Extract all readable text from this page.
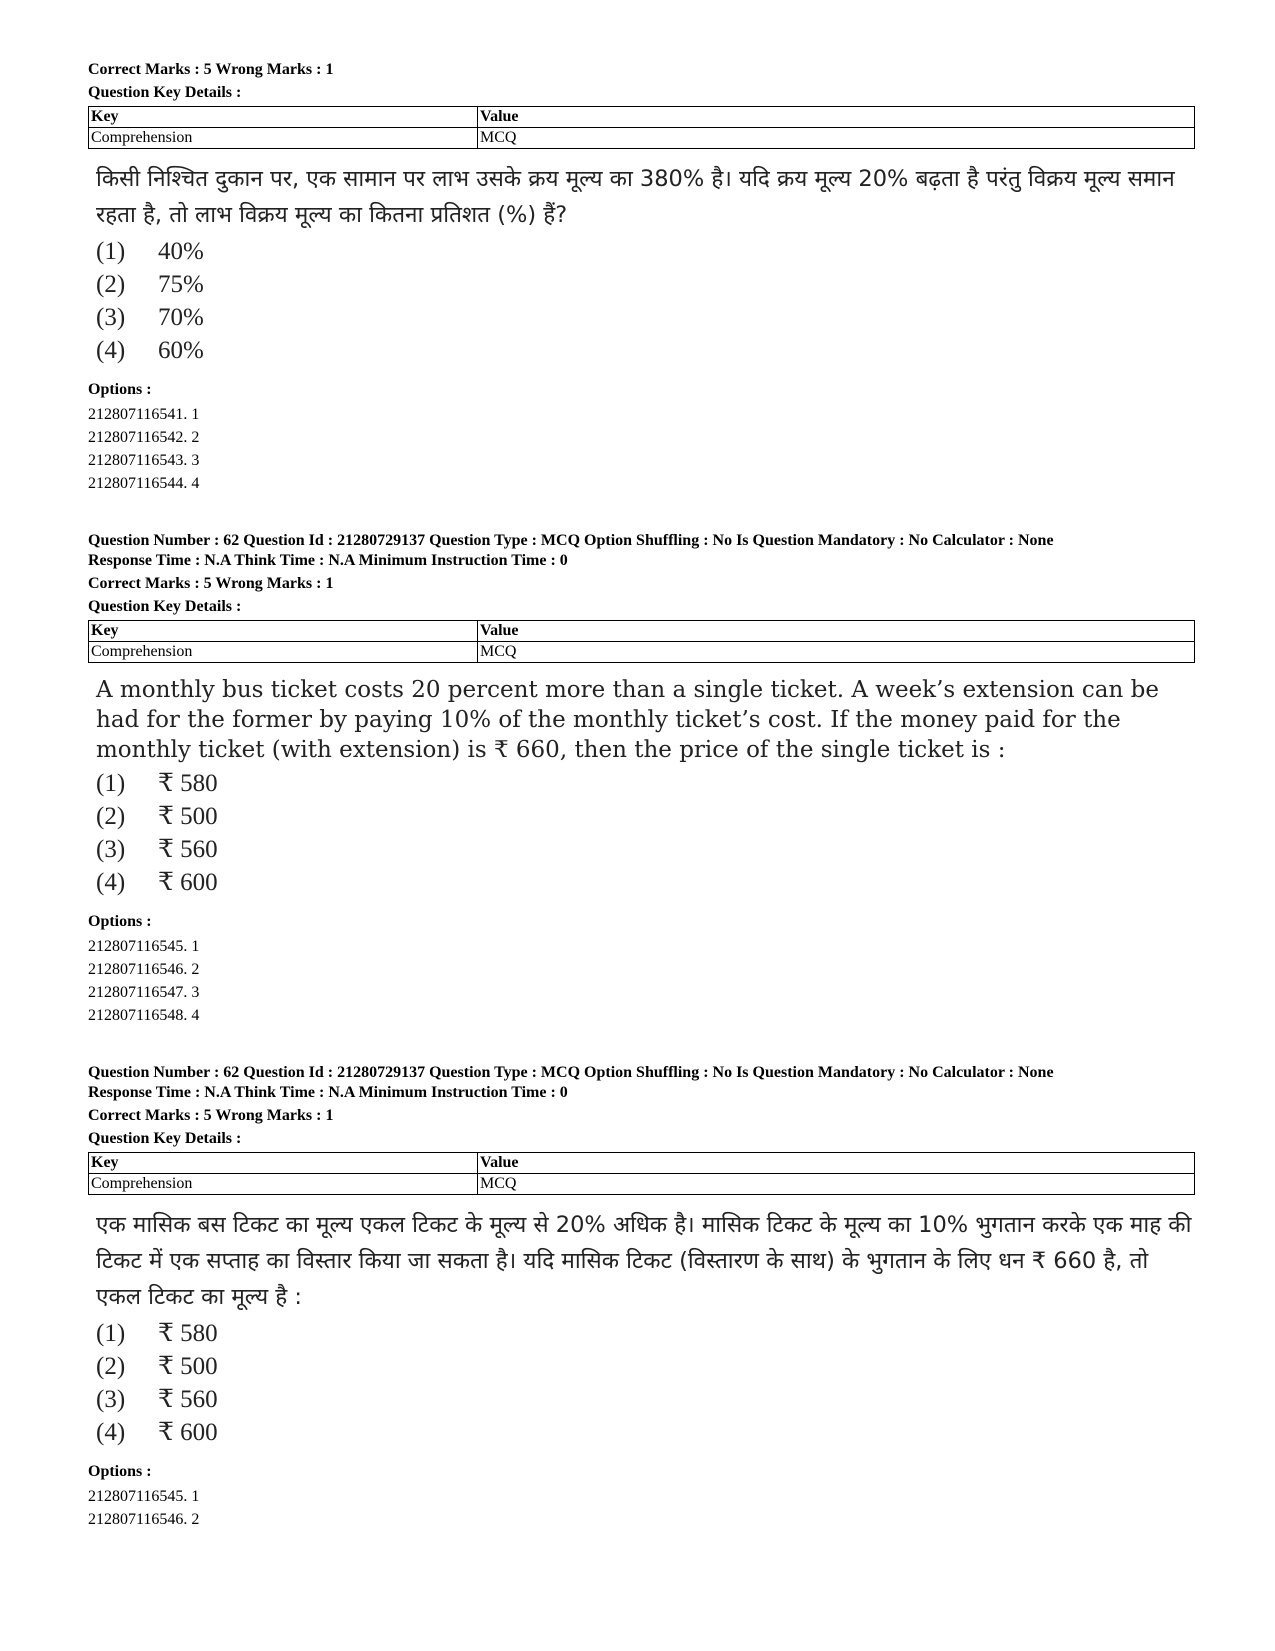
Correct Marks : 5 Wrong Marks : 1
Question Key Details :
Key	Value
Comprehension	MCQ
किसी निश्चित दुकान पर, एक सामान पर लाभ उसके क्रय मूल्य का 380% है। यदि क्रय मूल्य 20% बढ़ता है परंतु विक्रय मूल्य समान रहता है, तो लाभ विक्रय मूल्य का कितना प्रतिशत (%) हैं?
(1)	40%
(2)	75%
(3)	70%
(4)	60%
Options :
212807116541. 1
212807116542. 2
212807116543. 3
212807116544. 4
Question Number : 62 Question Id : 21280729137 Question Type : MCQ Option Shuffling : No Is Question Mandatory : No Calculator : None
Response Time : N.A Think Time : N.A Minimum Instruction Time : 0
Correct Marks : 5 Wrong Marks : 1
Question Key Details :
Key	Value
Comprehension	MCQ
A monthly bus ticket costs 20 percent more than a single ticket. A week’s extension can be had for the former by paying 10% of the monthly ticket’s cost. If the money paid for the monthly ticket (with extension) is ₹ 660, then the price of the single ticket is :
(1)	₹ 580
(2)	₹ 500
(3)	₹ 560
(4)	₹ 600
Options :
212807116545. 1
212807116546. 2
212807116547. 3
212807116548. 4
Question Number : 62 Question Id : 21280729137 Question Type : MCQ Option Shuffling : No Is Question Mandatory : No Calculator : None
Response Time : N.A Think Time : N.A Minimum Instruction Time : 0
Correct Marks : 5 Wrong Marks : 1
Question Key Details :
Key	Value
Comprehension	MCQ
एक मासिक बस टिकट का मूल्य एकल टिकट के मूल्य से 20% अधिक है। मासिक टिकट के मूल्य का 10% भुगतान करके एक माह की टिकट में एक सप्ताह का विस्तार किया जा सकता है। यदि मासिक टिकट (विस्तारण के साथ) के भुगतान के लिए धन ₹ 660 है, तो एकल टिकट का मूल्य है :
(1)	₹ 580
(2)	₹ 500
(3)	₹ 560
(4)	₹ 600
Options :
212807116545. 1
212807116546. 2
